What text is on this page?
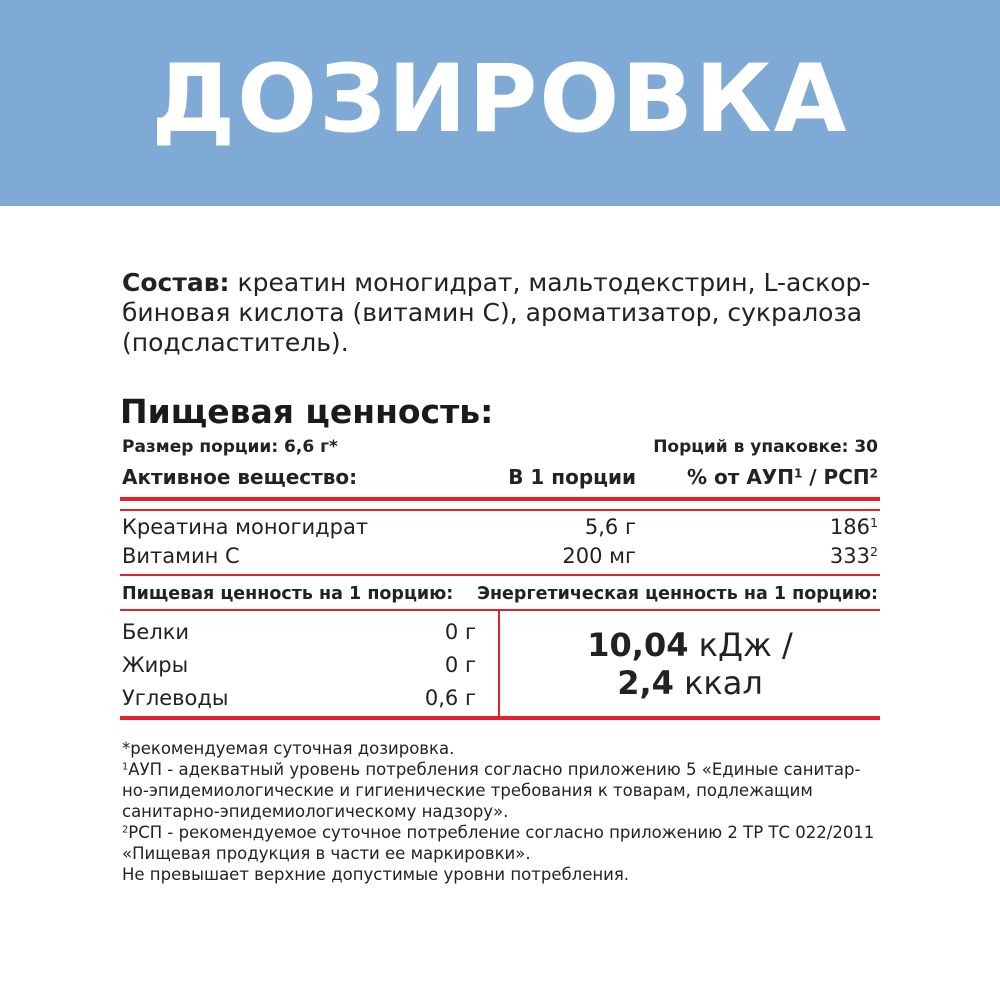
ДОЗИРОВКА
Состав: креатин моногидрат, мальтодекстрин, L-аскор-
биновая кислота (витамин С), ароматизатор, сукралоза
(подсластитель).
Пищевая ценность:
Размер порции: 6,6 г*	Порций в упаковке: 30
Активное вещество:	В 1 порции	% от АУП$^1$ / РСП$^2$
Креатина моногидрат	5,6 г	$186^1$
Витамин С	200 мг	$333^2$
Пищевая ценность на 1 порцию: Энергетическая ценность на 1 порцию:
Белки	0 г
Жиры	0 г
Углеводы	0,6 г
10,04 кДж /
2,4 ккал
*рекомендуемая суточная дозировка.
$^1$АУП - адекватный уровень потребления согласно приложению 5 «Единые санитар-
но-эпидемиологические и гигиенические требования к товарам, подлежащим
санитарно-эпидемиологическому надзору».
$^2$РСП - рекомендуемое суточное потребление согласно приложению 2 ТР ТС 022/2011
«Пищевая продукция в части ее маркировки».
Не превышает верхние допустимые уровни потребления.
